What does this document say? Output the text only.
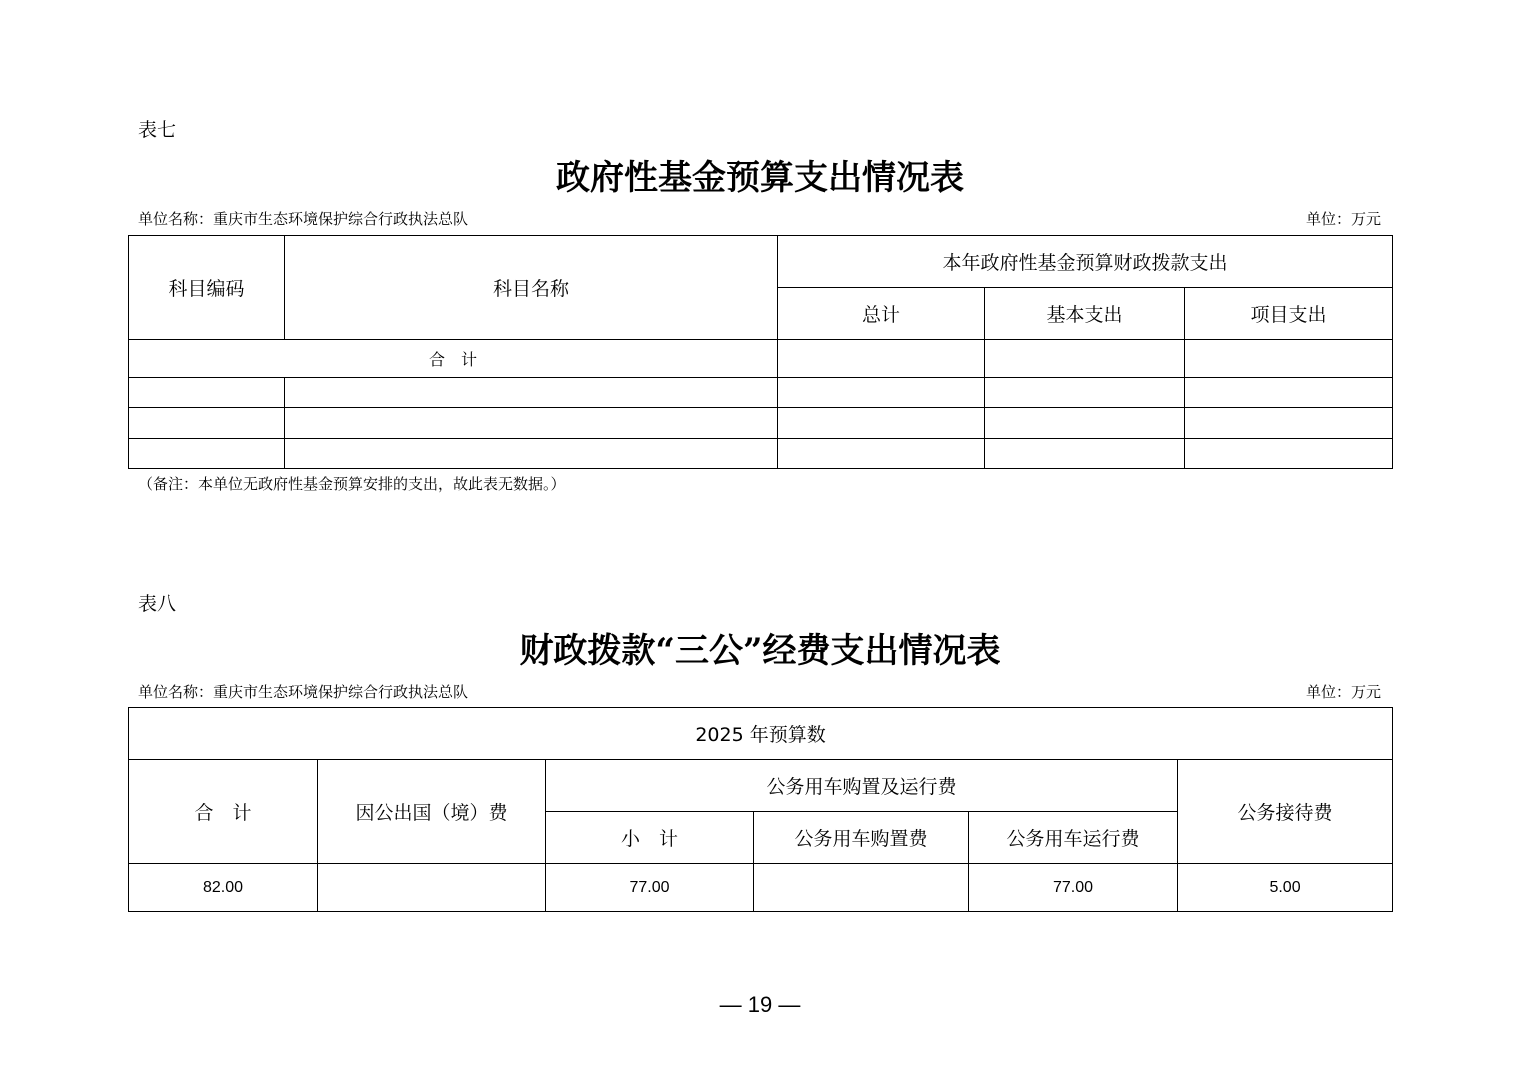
表七
政府性基金预算支出情况表
单位名称：重庆市生态环境保护综合行政执法总队	单位：万元
科目编码	科目名称	本年政府性基金预算财政拨款支出		
		总计	基本支出	项目支出
合　计				

（备注：本单位无政府性基金预算安排的支出，故此表无数据。）
表八
财政拨款“三公”经费支出情况表
单位名称：重庆市生态环境保护综合行政执法总队	单位：万元
2025 年预算数					
合　计	因公出国（境）费	公务用车购置及运行费			公务接待费
		小　计	公务用车购置费	公务用车运行费	
82.00		77.00		77.00	5.00
— 19 —
